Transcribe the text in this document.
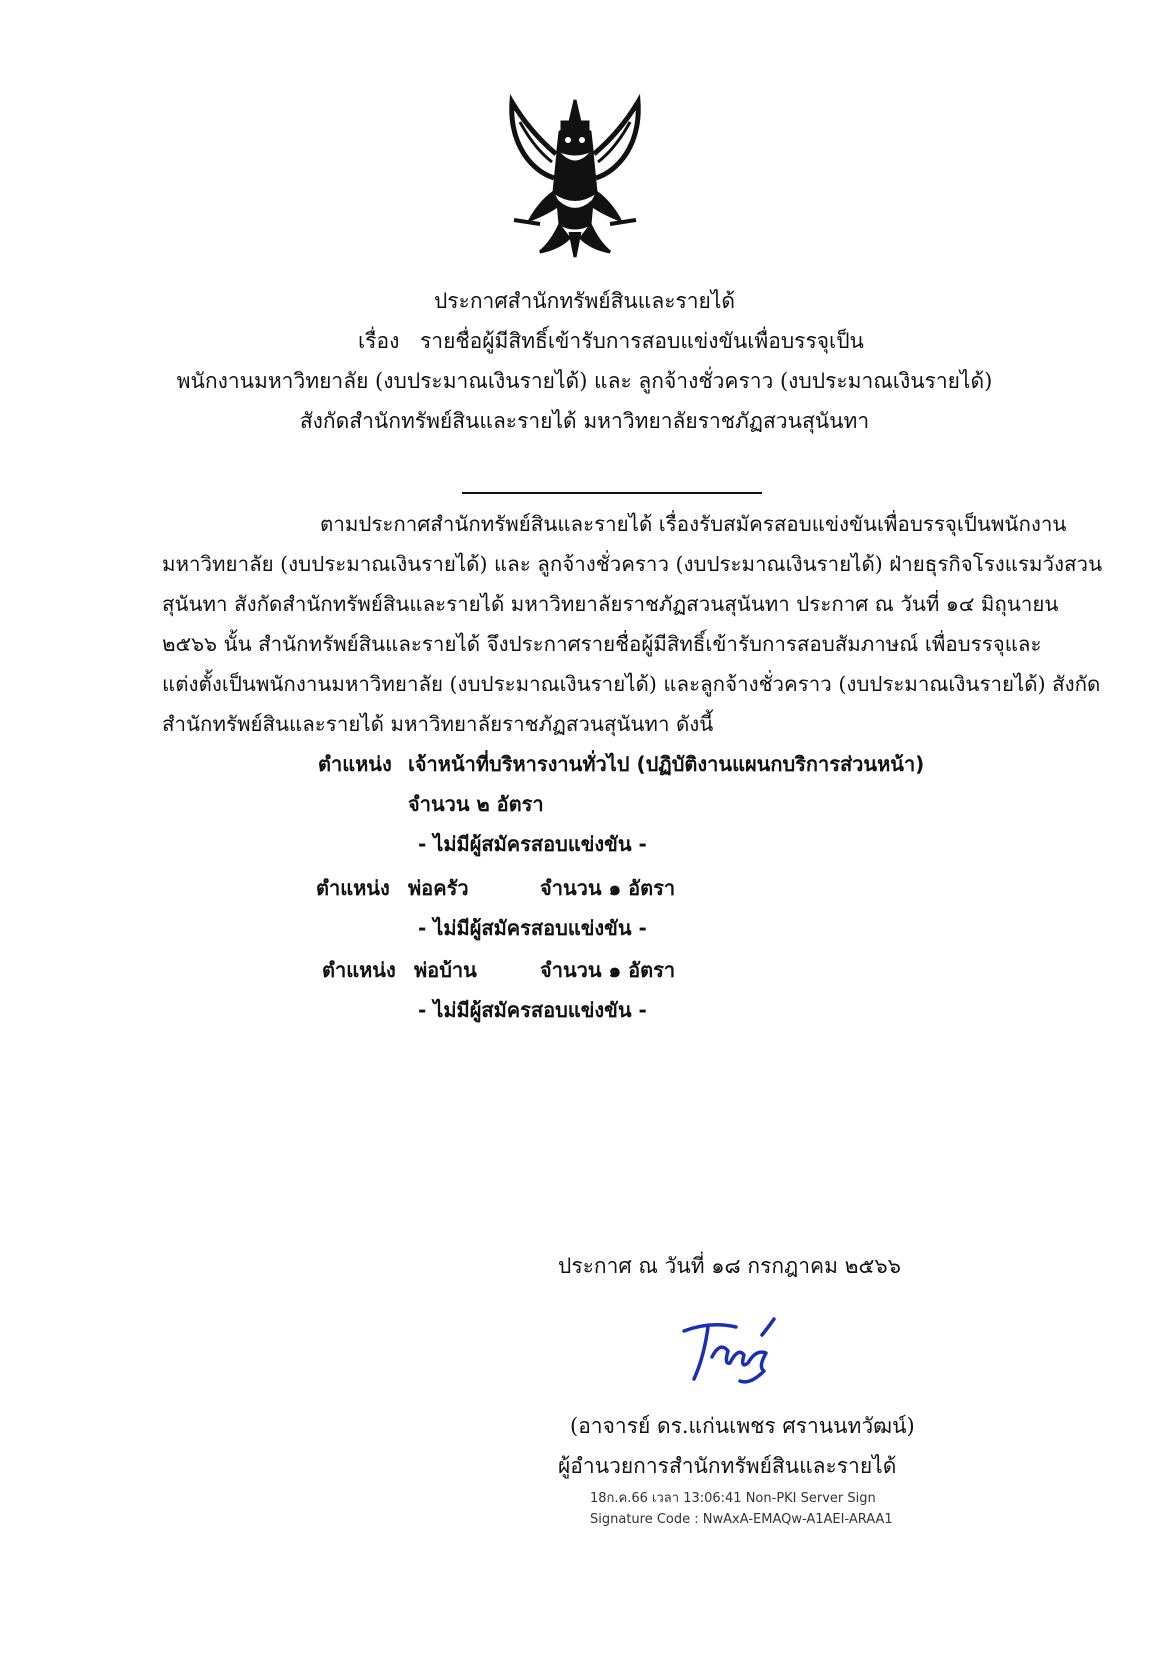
ประกาศสำนักทรัพย์สินและรายได้
เรื่อง รายชื่อผู้มีสิทธิ์เข้ารับการสอบแข่งขันเพื่อบรรจุเป็น
พนักงานมหาวิทยาลัย (งบประมาณเงินรายได้) และ ลูกจ้างชั่วคราว (งบประมาณเงินรายได้)
สังกัดสำนักทรัพย์สินและรายได้ มหาวิทยาลัยราชภัฏสวนสุนันทา
ตามประกาศสำนักทรัพย์สินและรายได้ เรื่องรับสมัครสอบแข่งขันเพื่อบรรจุเป็นพนักงาน
มหาวิทยาลัย (งบประมาณเงินรายได้) และ ลูกจ้างชั่วคราว (งบประมาณเงินรายได้) ฝ่ายธุรกิจโรงแรมวังสวน
สุนันทา สังกัดสำนักทรัพย์สินและรายได้ มหาวิทยาลัยราชภัฏสวนสุนันทา ประกาศ ณ วันที่ ๑๔ มิถุนายน
๒๕๖๖ นั้น สำนักทรัพย์สินและรายได้ จึงประกาศรายชื่อผู้มีสิทธิ์เข้ารับการสอบสัมภาษณ์ เพื่อบรรจุและ
แต่งตั้งเป็นพนักงานมหาวิทยาลัย (งบประมาณเงินรายได้) และลูกจ้างชั่วคราว (งบประมาณเงินรายได้) สังกัด
สำนักทรัพย์สินและรายได้ มหาวิทยาลัยราชภัฏสวนสุนันทา ดังนี้
ตำแหน่ง เจ้าหน้าที่บริหารงานทั่วไป (ปฏิบัติงานแผนกบริการส่วนหน้า)
จำนวน ๒ อัตรา
- ไม่มีผู้สมัครสอบแข่งขัน -
ตำแหน่ง พ่อครัว	จำนวน ๑ อัตรา
- ไม่มีผู้สมัครสอบแข่งขัน -
ตำแหน่ง พ่อบ้าน	จำนวน ๑ อัตรา
- ไม่มีผู้สมัครสอบแข่งขัน -
ประกาศ ณ วันที่ ๑๘ กรกฎาคม ๒๕๖๖
(อาจารย์ ดร.แก่นเพชร ศรานนทวัฒน์)
ผู้อำนวยการสำนักทรัพย์สินและรายได้
18ก.ค.66 เวลา 13:06:41 Non-PKI Server Sign
Signature Code : NwAxA-EMAQw-A1AEI-ARAA1
